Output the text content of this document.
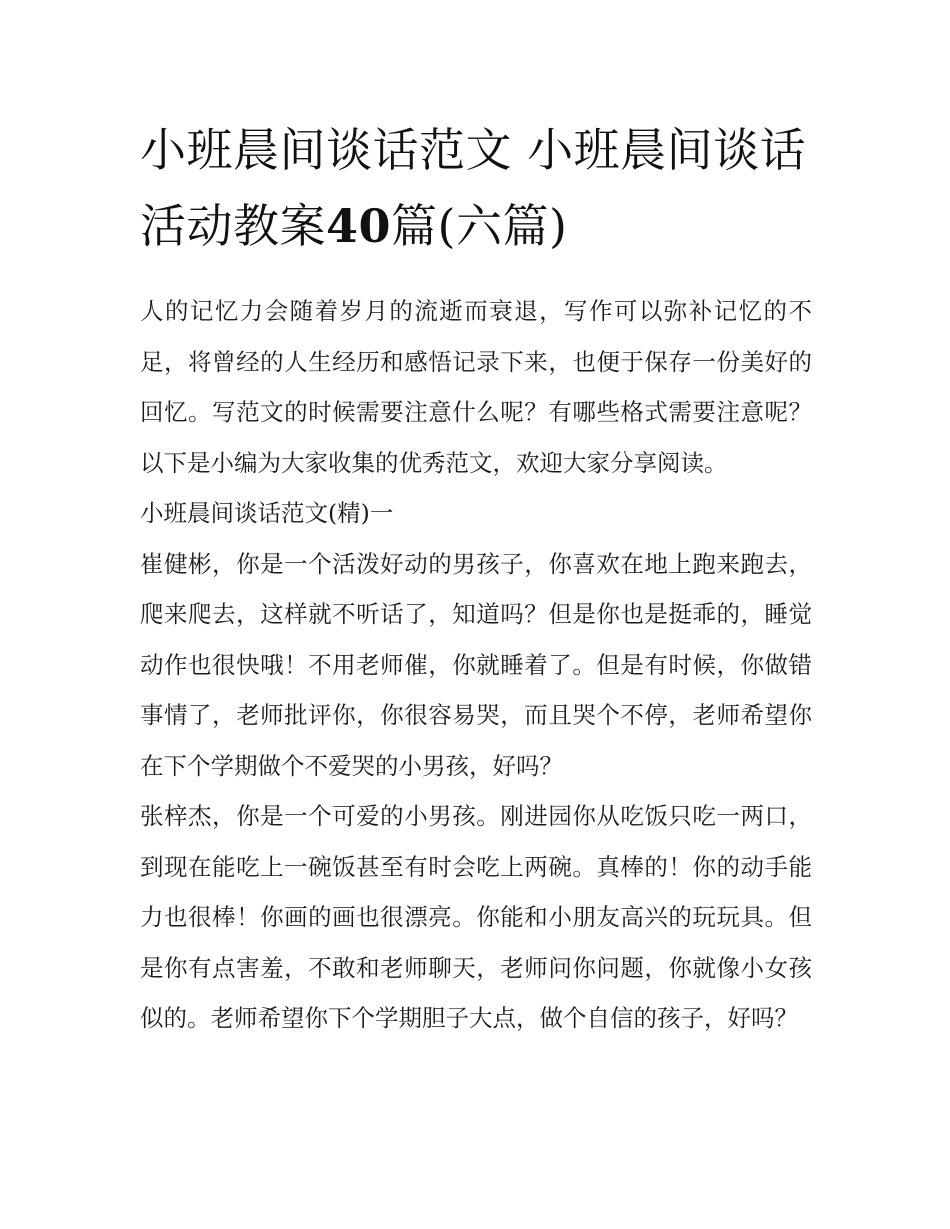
小班晨间谈话范文 小班晨间谈话活动教案40篇(六篇)

人的记忆力会随着岁月的流逝而衰退，写作可以弥补记忆的不足，将曾经的人生经历和感悟记录下来，也便于保存一份美好的回忆。写范文的时候需要注意什么呢？有哪些格式需要注意呢？以下是小编为大家收集的优秀范文，欢迎大家分享阅读。

小班晨间谈话范文(精)一

崔健彬，你是一个活泼好动的男孩子，你喜欢在地上跑来跑去，爬来爬去，这样就不听话了，知道吗？但是你也是挺乖的，睡觉动作也很快哦！不用老师催，你就睡着了。但是有时候，你做错事情了，老师批评你，你很容易哭，而且哭个不停，老师希望你在下个学期做个不爱哭的小男孩，好吗？

张梓杰，你是一个可爱的小男孩。刚进园你从吃饭只吃一两口，到现在能吃上一碗饭甚至有时会吃上两碗。真棒的！你的动手能力也很棒！你画的画也很漂亮。你能和小朋友高兴的玩玩具。但是你有点害羞，不敢和老师聊天，老师问你问题，你就像小女孩似的。老师希望你下个学期胆子大点，做个自信的孩子，好吗？
